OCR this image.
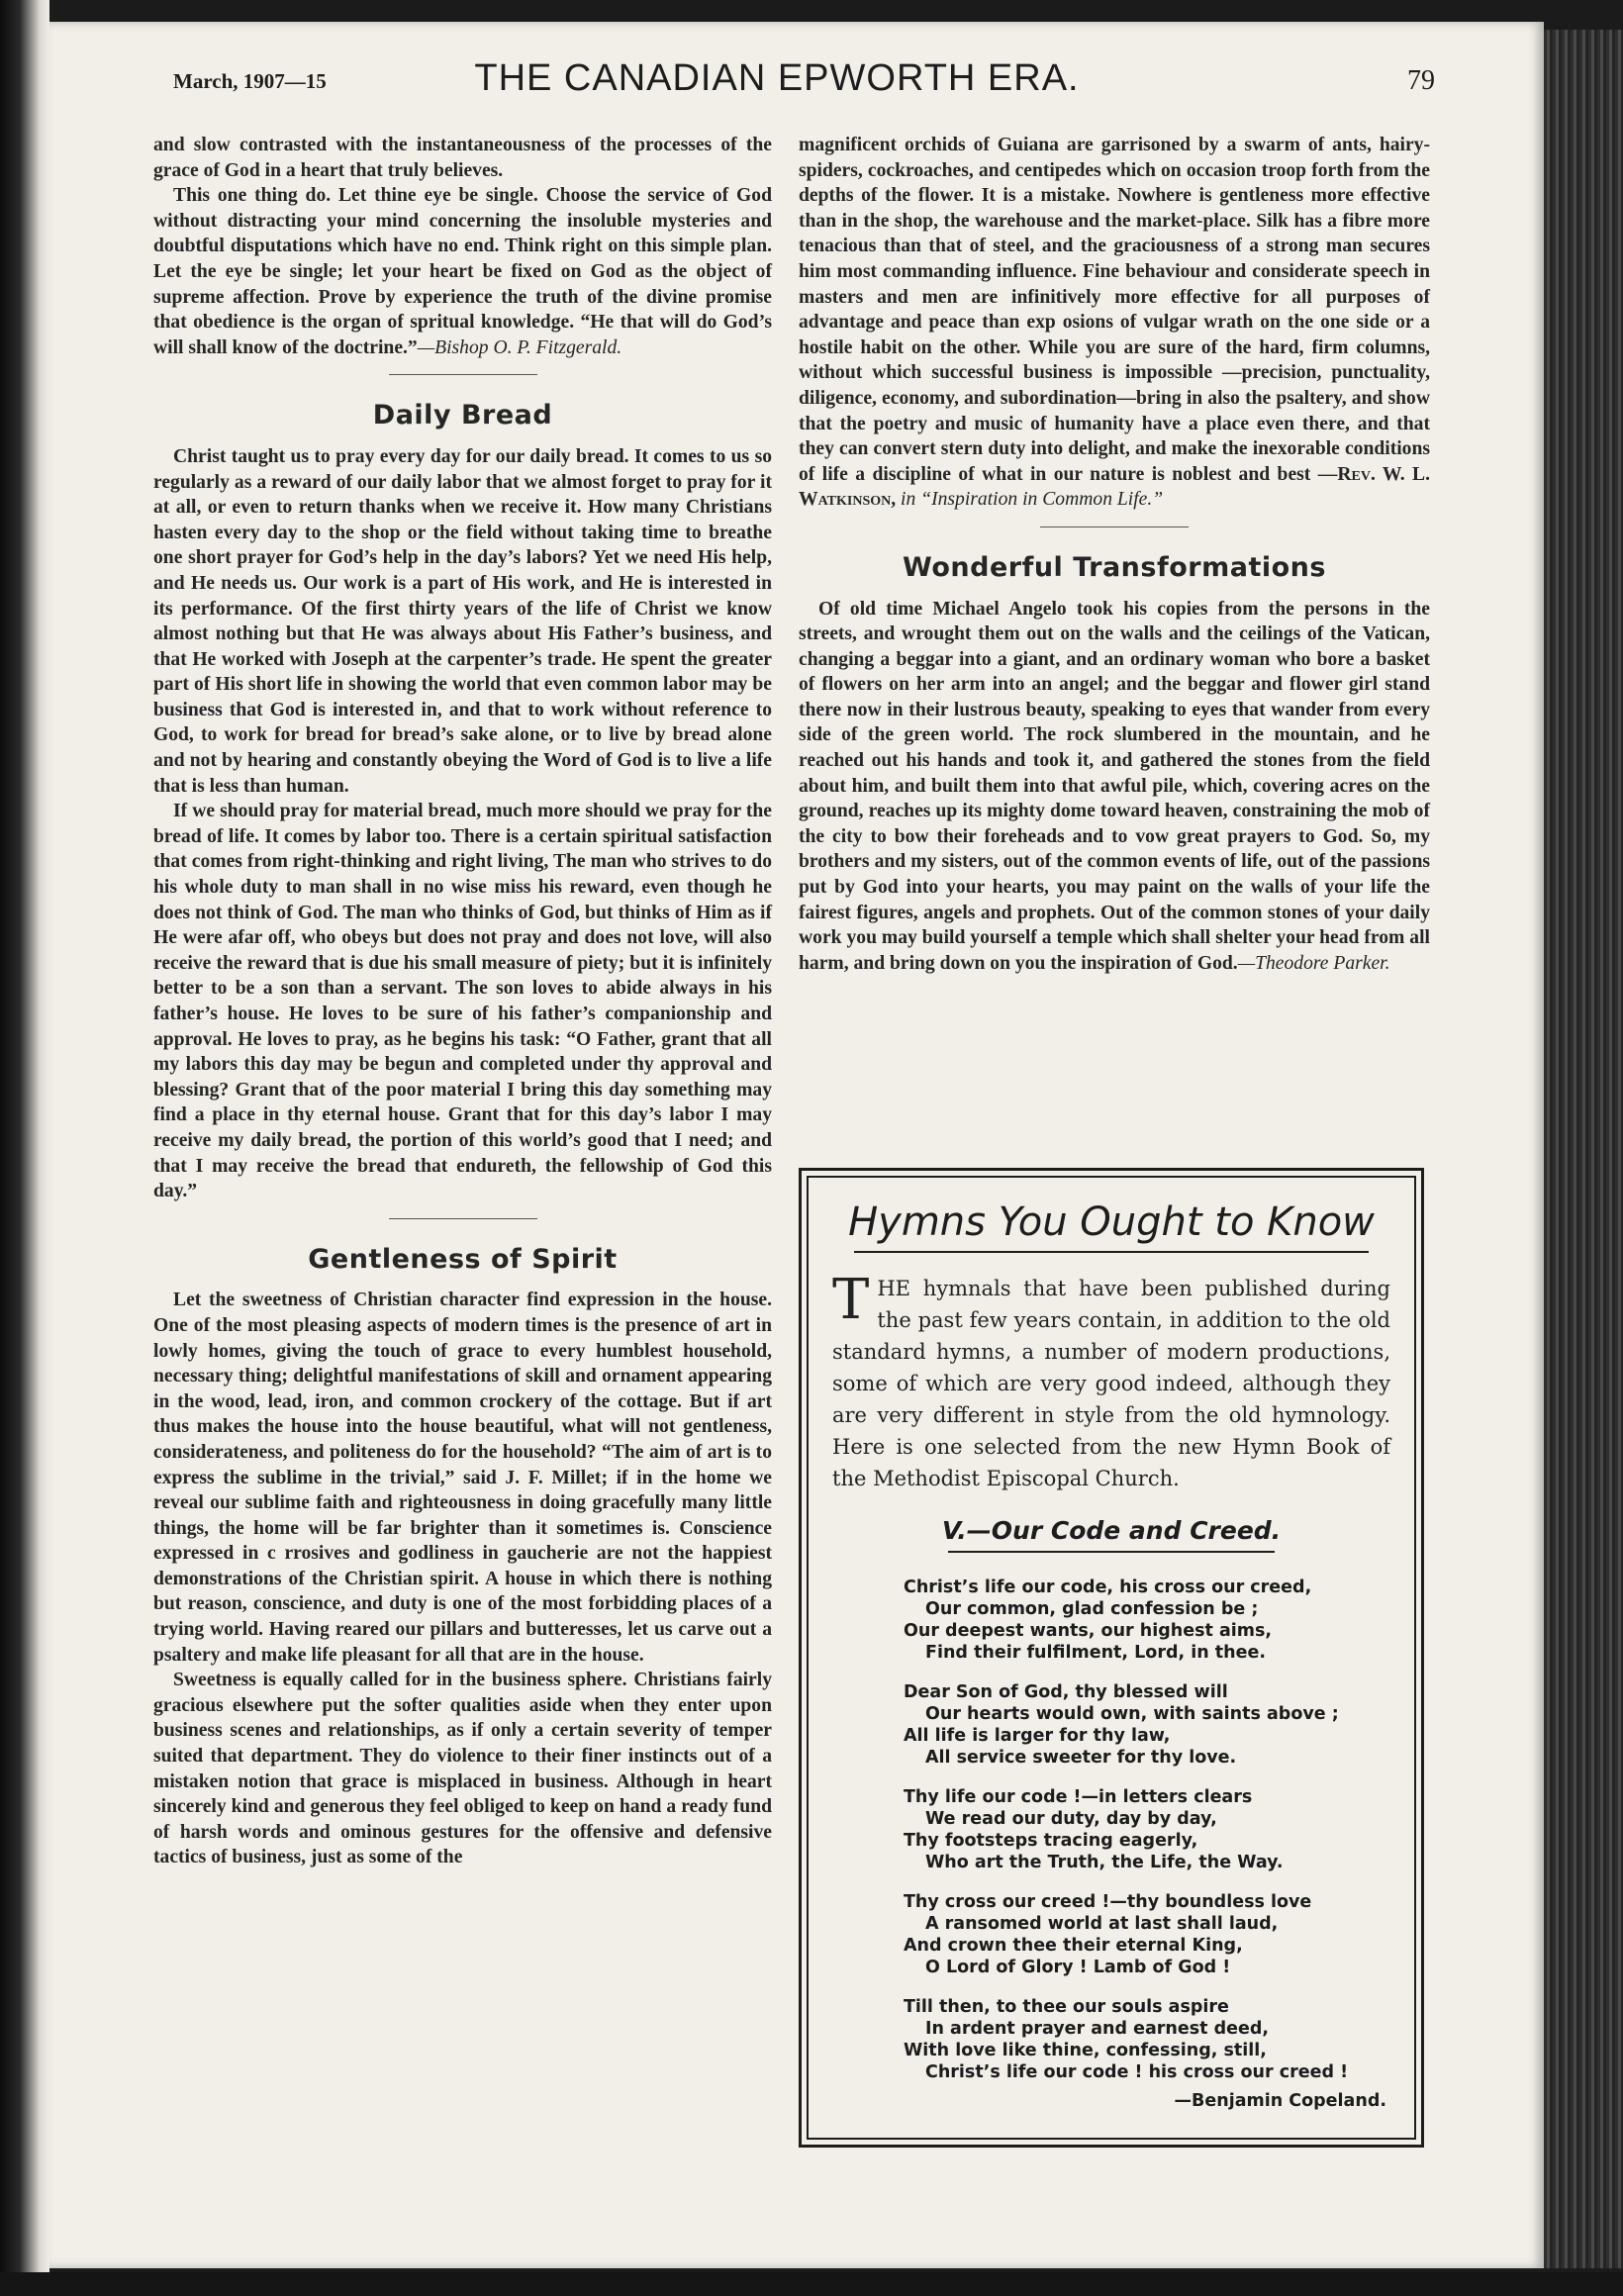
March, 1907—15	THE CANADIAN EPWORTH ERA.	79

and slow contrasted with the instantaneousness of the processes of the grace of God in a heart that truly believes.

This one thing do. Let thine eye be single. Choose the service of God without distracting your mind concerning the insoluble mysteries and doubtful disputations which have no end. Think right on this simple plan. Let the eye be single; let your heart be fixed on God as the object of supreme affection. Prove by experience the truth of the divine promise that obedience is the organ of spritual knowledge. “He that will do God’s will shall know of the doctrine.”—Bishop O. P. Fitzgerald.

Daily Bread

Christ taught us to pray every day for our daily bread. It comes to us so regularly as a reward of our daily labor that we almost forget to pray for it at all, or even to return thanks when we receive it. How many Christians hasten every day to the shop or the field without taking time to breathe one short prayer for God’s help in the day’s labors? Yet we need His help, and He needs us. Our work is a part of His work, and He is interested in its performance. Of the first thirty years of the life of Christ we know almost nothing but that He was always about His Father’s business, and that He worked with Joseph at the carpenter’s trade. He spent the greater part of His short life in showing the world that even common labor may be business that God is interested in, and that to work without reference to God, to work for bread for bread’s sake alone, or to live by bread alone and not by hearing and constantly obeying the Word of God is to live a life that is less than human.

If we should pray for material bread, much more should we pray for the bread of life. It comes by labor too. There is a certain spiritual satisfaction that comes from right-thinking and right living, The man who strives to do his whole duty to man shall in no wise miss his reward, even though he does not think of God. The man who thinks of God, but thinks of Him as if He were afar off, who obeys but does not pray and does not love, will also receive the reward that is due his small measure of piety; but it is infinitely better to be a son than a servant. The son loves to abide always in his father’s house. He loves to be sure of his father’s companionship and approval. He loves to pray, as he begins his task: “O Father, grant that all my labors this day may be begun and completed under thy approval and blessing? Grant that of the poor material I bring this day something may find a place in thy eternal house. Grant that for this day’s labor I may receive my daily bread, the portion of this world’s good that I need; and that I may receive the bread that endureth, the fellowship of God this day.”

Gentleness of Spirit

Let the sweetness of Christian character find expression in the house. One of the most pleasing aspects of modern times is the presence of art in lowly homes, giving the touch of grace to every humblest household, necessary thing; delightful manifestations of skill and ornament appearing in the wood, lead, iron, and common crockery of the cottage. But if art thus makes the house into the house beautiful, what will not gentleness, considerateness, and politeness do for the household? “The aim of art is to express the sublime in the trivial,” said J. F. Millet; if in the home we reveal our sublime faith and righteousness in doing gracefully many little things, the home will be far brighter than it sometimes is. Conscience expressed in c rrosives and godliness in gaucherie are not the happiest demonstrations of the Christian spirit. A house in which there is nothing but reason, conscience, and duty is one of the most forbidding places of a trying world. Having reared our pillars and butteresses, let us carve out a psaltery and make life pleasant for all that are in the house.

Sweetness is equally called for in the business sphere. Christians fairly gracious elsewhere put the softer qualities aside when they enter upon business scenes and relationships, as if only a certain severity of temper suited that department. They do violence to their finer instincts out of a mistaken notion that grace is misplaced in business. Although in heart sincerely kind and generous they feel obliged to keep on hand a ready fund of harsh words and ominous gestures for the offensive and defensive tactics of business, just as some of the

magnificent orchids of Guiana are garrisoned by a swarm of ants, hairy-spiders, cockroaches, and centipedes which on occasion troop forth from the depths of the flower. It is a mistake. Nowhere is gentleness more effective than in the shop, the warehouse and the market-place. Silk has a fibre more tenacious than that of steel, and the graciousness of a strong man secures him most commanding influence. Fine behaviour and considerate speech in masters and men are infinitively more effective for all purposes of advantage and peace than exp osions of vulgar wrath on the one side or a hostile habit on the other. While you are sure of the hard, firm columns, without which successful business is impossible —precision, punctuality, diligence, economy, and subordination—bring in also the psaltery, and show that the poetry and music of humanity have a place even there, and that they can convert stern duty into delight, and make the inexorable conditions of life a discipline of what in our nature is noblest and best —Rev. W. L. Watkinson, in “Inspiration in Common Life.”

Wonderful Transformations

Of old time Michael Angelo took his copies from the persons in the streets, and wrought them out on the walls and the ceilings of the Vatican, changing a beggar into a giant, and an ordinary woman who bore a basket of flowers on her arm into an angel; and the beggar and flower girl stand there now in their lustrous beauty, speaking to eyes that wander from every side of the green world. The rock slumbered in the mountain, and he reached out his hands and took it, and gathered the stones from the field about him, and built them into that awful pile, which, covering acres on the ground, reaches up its mighty dome toward heaven, constraining the mob of the city to bow their foreheads and to vow great prayers to God. So, my brothers and my sisters, out of the common events of life, out of the passions put by God into your hearts, you may paint on the walls of your life the fairest figures, angels and prophets. Out of the common stones of your daily work you may build yourself a temple which shall shelter your head from all harm, and bring down on you the inspiration of God.—Theodore Parker.

Hymns You Ought to Know
THE hymnals that have been published during the past few years contain, in addition to the old standard hymns, a number of modern productions, some of which are very good indeed, although they are very different in style from the old hymnology. Here is one selected from the new Hymn Book of the Methodist Episcopal Church.
V.—Our Code and Creed.
Christ’s life our code, his cross our creed,
Our common, glad confession be ;
Our deepest wants, our highest aims,
Find their fulfilment, Lord, in thee.
Dear Son of God, thy blessed will
Our hearts would own, with saints above ;
All life is larger for thy law,
All service sweeter for thy love.
Thy life our code !—in letters clears
We read our duty, day by day,
Thy footsteps tracing eagerly,
Who art the Truth, the Life, the Way.
Thy cross our creed !—thy boundless love
A ransomed world at last shall laud,
And crown thee their eternal King,
O Lord of Glory ! Lamb of God !
Till then, to thee our souls aspire
In ardent prayer and earnest deed,
With love like thine, confessing, still,
Christ’s life our code ! his cross our creed !
—Benjamin Copeland.
